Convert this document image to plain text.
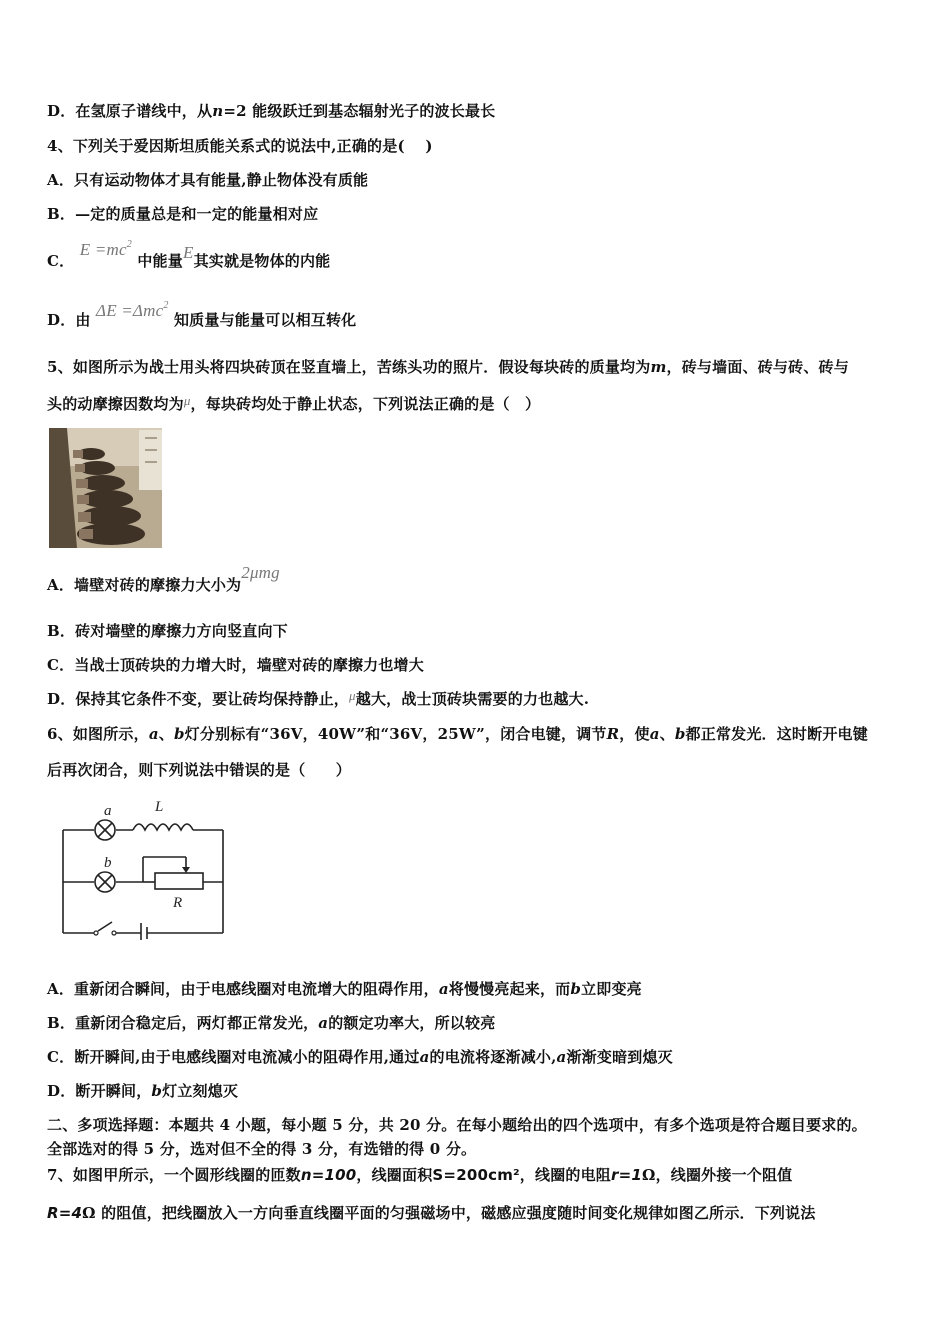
D．在氢原子谱线中，从n=2 能级跃迁到基态辐射光子的波长最长
4、下列关于爱因斯坦质能关系式的说法中,正确的是(　 )
A．只有运动物体才具有能量,静止物体没有质能
B．—定的质量总是和一定的能量相对应
C． $E =mc^2$ 中能量E其实就是物体的内能
D．由 ΔE =Δmc$^2$ 知质量与能量可以相互转化
5、如图所示为战士用头将四块砖顶在竖直墙上，苦练头功的照片．假设每块砖的质量均为m，砖与墙面、砖与砖、砖与
头的动摩擦因数均为μ，每块砖均处于静止状态，下列说法正确的是（　）
A．墙壁对砖的摩擦力大小为2μmg
B．砖对墙壁的摩擦力方向竖直向下
C．当战士顶砖块的力增大时，墙壁对砖的摩擦力也增大
D．保持其它条件不变，要让砖均保持静止，μ越大，战士顶砖块需要的力也越大.
6、如图所示，a、b灯分别标有“36V，40W”和“36V，25W”，闭合电键，调节R，使a、b都正常发光．这时断开电键
后再次闭合，则下列说法中错误的是（　　）
a
b
L
R
A．重新闭合瞬间，由于电感线圈对电流增大的阻碍作用，a将慢慢亮起来，而b立即变亮
B．重新闭合稳定后，两灯都正常发光，a的额定功率大，所以较亮
C．断开瞬间,由于电感线圈对电流减小的阻碍作用,通过a的电流将逐渐减小,a渐渐变暗到熄灭
D．断开瞬间，b灯立刻熄灭
二、多项选择题：本题共 4 小题，每小题 5 分，共 20 分。在每小题给出的四个选项中，有多个选项是符合题目要求的。
全部选对的得 5 分，选对但不全的得 3 分，有选错的得 0 分。
7、如图甲所示，一个圆形线圈的匝数n=100，线圈面积S=200cm²，线圈的电阻r=1Ω，线圈外接一个阻值
R=4Ω 的阻值，把线圈放入一方向垂直线圈平面的匀强磁场中，磁感应强度随时间变化规律如图乙所示．下列说法
